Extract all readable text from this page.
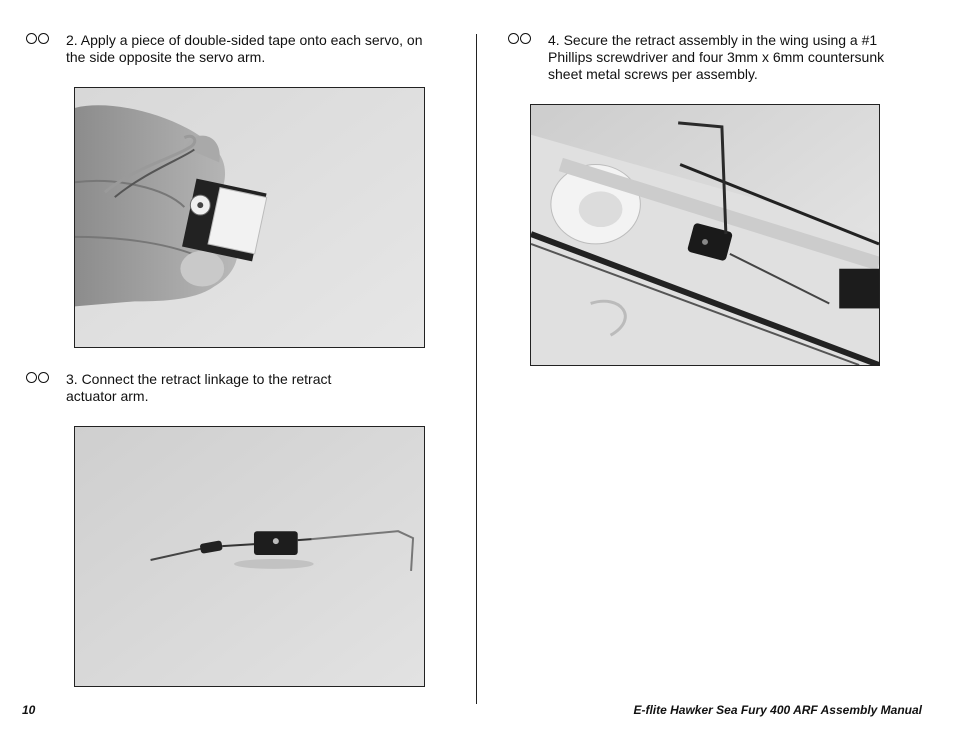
2. Apply a piece of double-sided tape onto each servo, on the side opposite the servo arm.
3. Connect the retract linkage to the retract actuator arm.
4. Secure the retract assembly in the wing using a #1 Phillips screwdriver and four 3mm x 6mm countersunk sheet metal screws per assembly.
10	E-flite Hawker Sea Fury 400 ARF Assembly Manual
